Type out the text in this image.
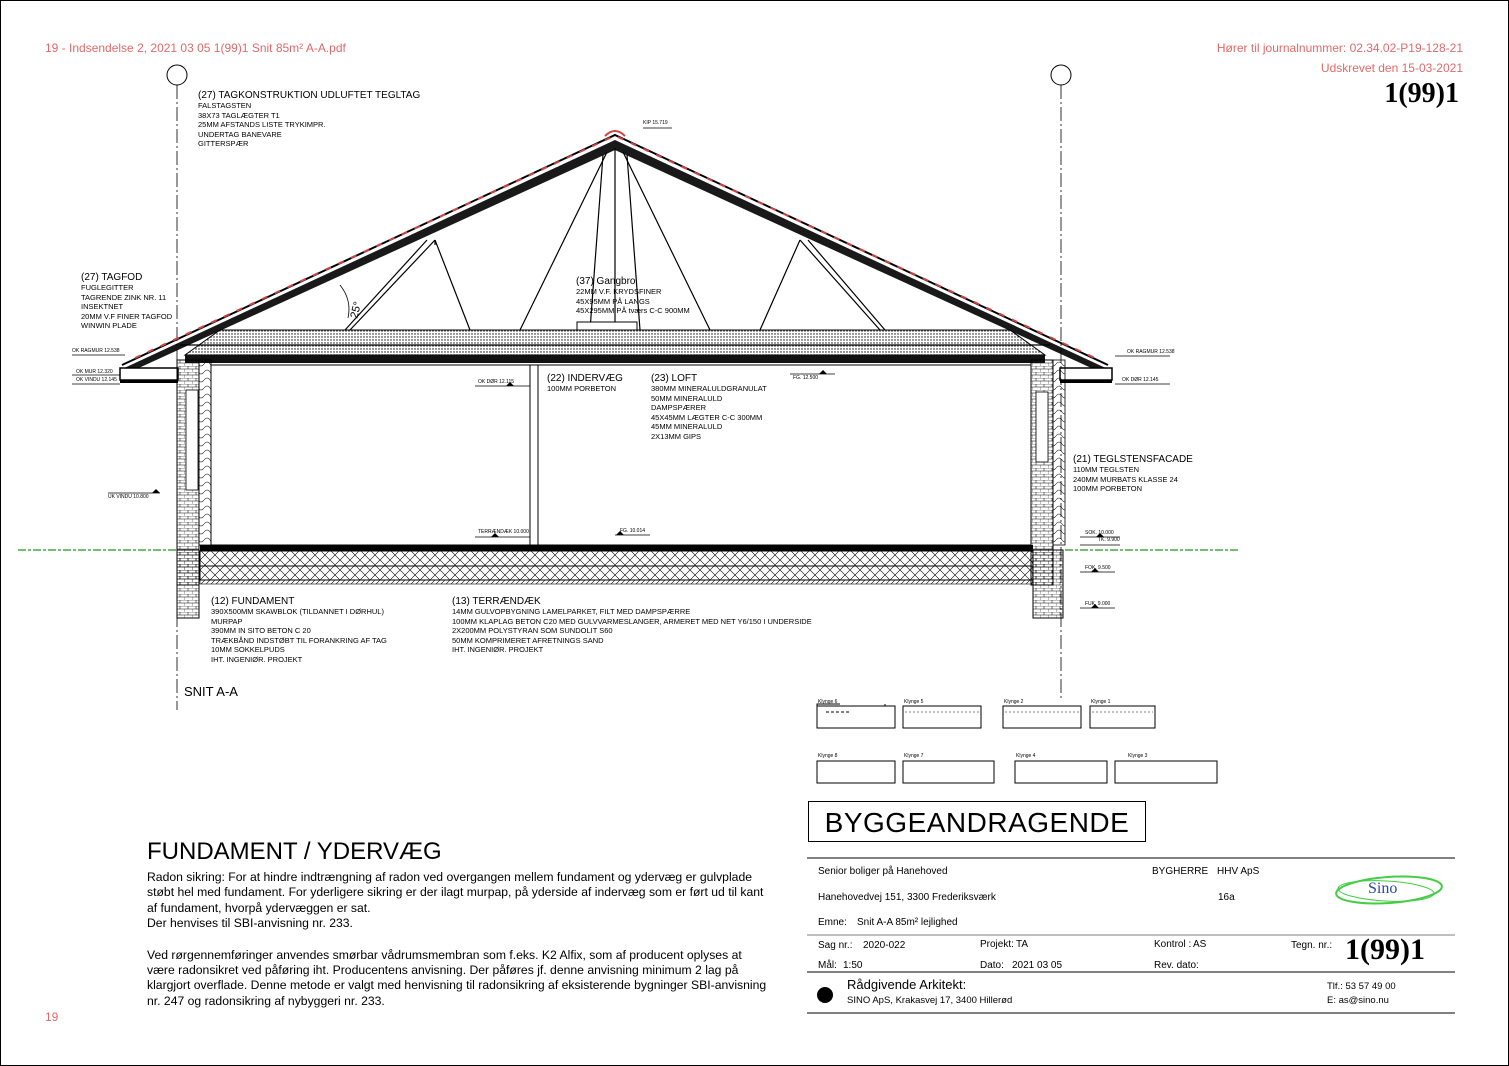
19 - Indsendelse 2, 2021 03 05 1(99)1 Snit 85m² A-A.pdf	Hører til journalnummer: 02.34.02-P19-128-21
Udskrevet den 15-03-2021
1(99)1
19
SNIT A-A
25°
KIP 15.719
OK RAGMUR 12.538
OK MUR 12.320
OK VINDU 12.145
UK VINDU 10.800
OK DØR 12.115
FG. 12.500
OK RAGMUR 12.538
OK DØR 12.145
TERRÆNDÆK 10.000	FG. 10.014	SOK. 10.000
TK. 9.900
FOK. 9.500
FUK. 9.000
(27) TAGKONSTRUKTION UDLUFTET TEGLTAG
FALSTAGSTEN
38X73 TAGLÆGTER T1
25MM AFSTANDS LISTE TRYKIMPR.
UNDERTAG BANEVARE
GITTERSPÆR
(27) TAGFOD
FUGLEGITTER
TAGRENDE ZINK NR. 11
INSEKTNET
20MM V.F FINER TAGFOD
WINWIN PLADE
(37) Gangbro
22MM V.F. KRYDSFINER
45X95MM PÅ LANGS
45X295MM PÅ tværs C-C 900MM
(22) INDERVÆG
100MM PORBETON
(23) LOFT
380MM MINERALULDGRANULAT
50MM MINERALULD
DAMPSPÆRER
45X45MM LÆGTER C-C 300MM
45MM MINERALULD
2X13MM GIPS
(21) TEGLSTENSFACADE
110MM TEGLSTEN
240MM MURBATS KLASSE 24
100MM PORBETON
(12) FUNDAMENT
390X500MM SKAWBLOK (TILDANNET I DØRHUL)
MURPAP
390MM IN SITO BETON C 20
TRÆKBÅND INDSTØBT TIL FORANKRING AF TAG
10MM SOKKELPUDS
IHT. INGENIØR. PROJEKT
(13) TERRÆNDÆK
14MM GULVOPBYGNING LAMELPARKET, FILT MED DAMPSPÆRRE
100MM KLAPLAG BETON C20 MED GULVVARMESLANGER, ARMERET MED NET Y6/150 I UNDERSIDE
2X200MM POLYSTYRAN SOM SUNDOLIT S60
50MM KOMPRIMERET AFRETNINGS SAND
IHT. INGENIØR. PROJEKT
Klynge 6	Klynge 5	Klynge 2	Klynge 1
Klynge 8	Klynge 7	Klynge 4	Klynge 3
BYGGEANDRAGENDE
FUNDAMENT / YDERVÆG

Radon sikring: For at hindre indtrængning af radon ved overgangen mellem fundament og ydervæg er gulvplade støbt hel med fundament. For yderligere sikring er der ilagt murpap, på yderside af indervæg som er ført ud til kant af fundament, hvorpå ydervæggen er sat.

Der henvises til SBI-anvisning nr. 233.

Ved rørgennemføringer anvendes smørbar vådrumsmembran som f.eks. K2 Alfix, som af producent oplyses at være radonsikret ved påføring iht. Producentens anvisning. Der påføres jf. denne anvisning minimum 2 lag på klargjort overflade. Denne metode er valgt med henvisning til radonsikring af eksisterende bygninger SBI-anvisning nr. 247 og radonsikring af nybyggeri nr. 233.

Senior boliger på Hanehoved	BYGHERRE HHV ApS
Hanehovedvej 151, 3300 Frederiksværk	16a
Sino
Emne: Snit A-A 85m² lejlighed
Sag nr.: 2020-022	Projekt: TA	Kontrol : AS	Tegn. nr.: 1(99)1
Mål: 1:50	Dato: 2021 03 05	Rev. dato:
Rådgivende Arkitekt:
SINO ApS, Krakasvej 17, 3400 Hillerød
Tlf.: 53 57 49 00
E: as@sino.nu
